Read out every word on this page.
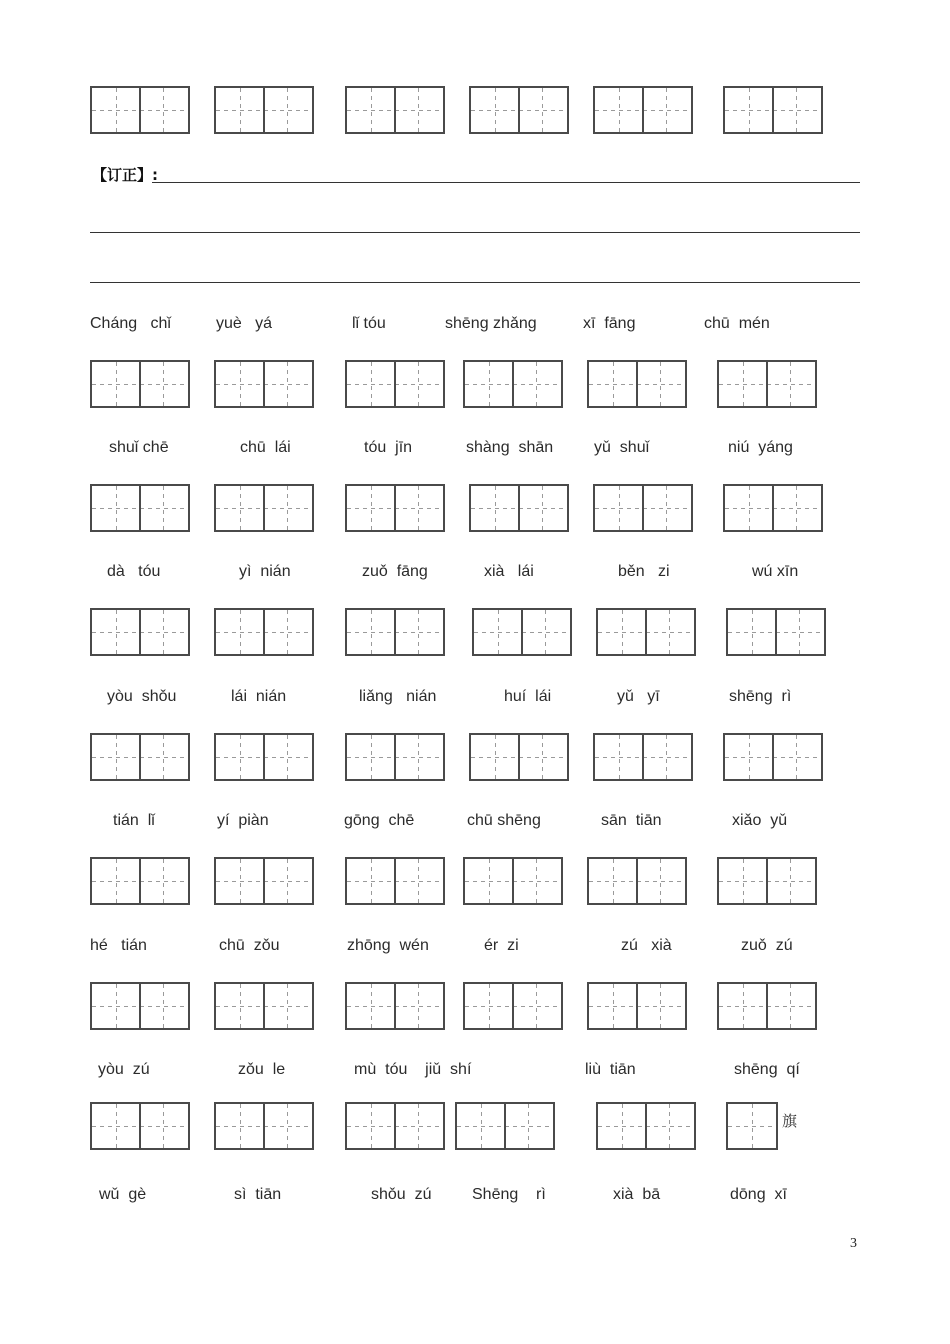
【订正】:
Cháng   chǐ	yuè   yá	lǐ tóu	shēng zhǎng	xī  fāng	chū  mén
shuǐ chē	chū  lái	tóu  jīn	shàng  shān	yǔ  shuǐ	niú  yáng
dà   tóu	yì  nián	zuǒ  fāng	xià   lái	běn   zi	wú xīn
yòu  shǒu	lái  nián	liǎng   nián	huí  lái	yǔ   yī	shēng  rì
tián  lǐ	yí  piàn	gōng  chē	chū shēng	sān  tiān	xiǎo  yǔ
hé   tián	chū  zǒu	zhōng  wén	ér  zi	zú   xià	zuǒ  zú
yòu  zú	zǒu  le	mù  tóu    jiǔ  shí	liù  tiān	shēng  qí
旗
wǔ  gè	sì  tiān	shǒu  zú	Shēng    rì	xià  bā	dōng  xī
3
